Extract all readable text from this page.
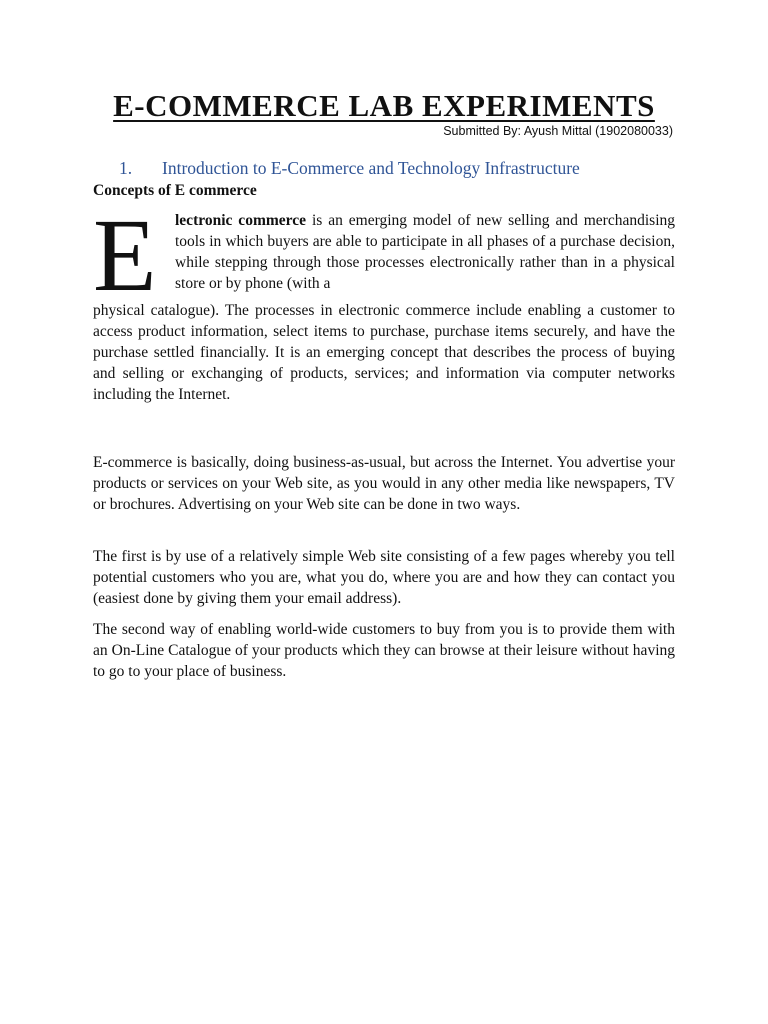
E-COMMERCE LAB EXPERIMENTS
Submitted By: Ayush Mittal (1902080033)
1. Introduction to E-Commerce and Technology Infrastructure
Concepts of E commerce
E	lectronic commerce is an emerging model of new selling and merchandising tools in which buyers are able to participate in all phases of a purchase decision, while stepping through those processes electronically rather than in a physical store or by phone (with a

physical catalogue). The processes in electronic commerce include enabling a customer to access product information, select items to purchase, purchase items securely, and have the purchase settled financially. It is an emerging concept that describes the process of buying and selling or exchanging of products, services; and information via computer networks including the Internet.

E-commerce is basically, doing business-as-usual, but across the Internet. You advertise your products or services on your Web site, as you would in any other media like newspapers, TV or brochures. Advertising on your Web site can be done in two ways.

The first is by use of a relatively simple Web site consisting of a few pages whereby you tell potential customers who you are, what you do, where you are and how they can contact you (easiest done by giving them your email address).

The second way of enabling world-wide customers to buy from you is to provide them with an On-Line Catalogue of your products which they can browse at their leisure without having to go to your place of business.
